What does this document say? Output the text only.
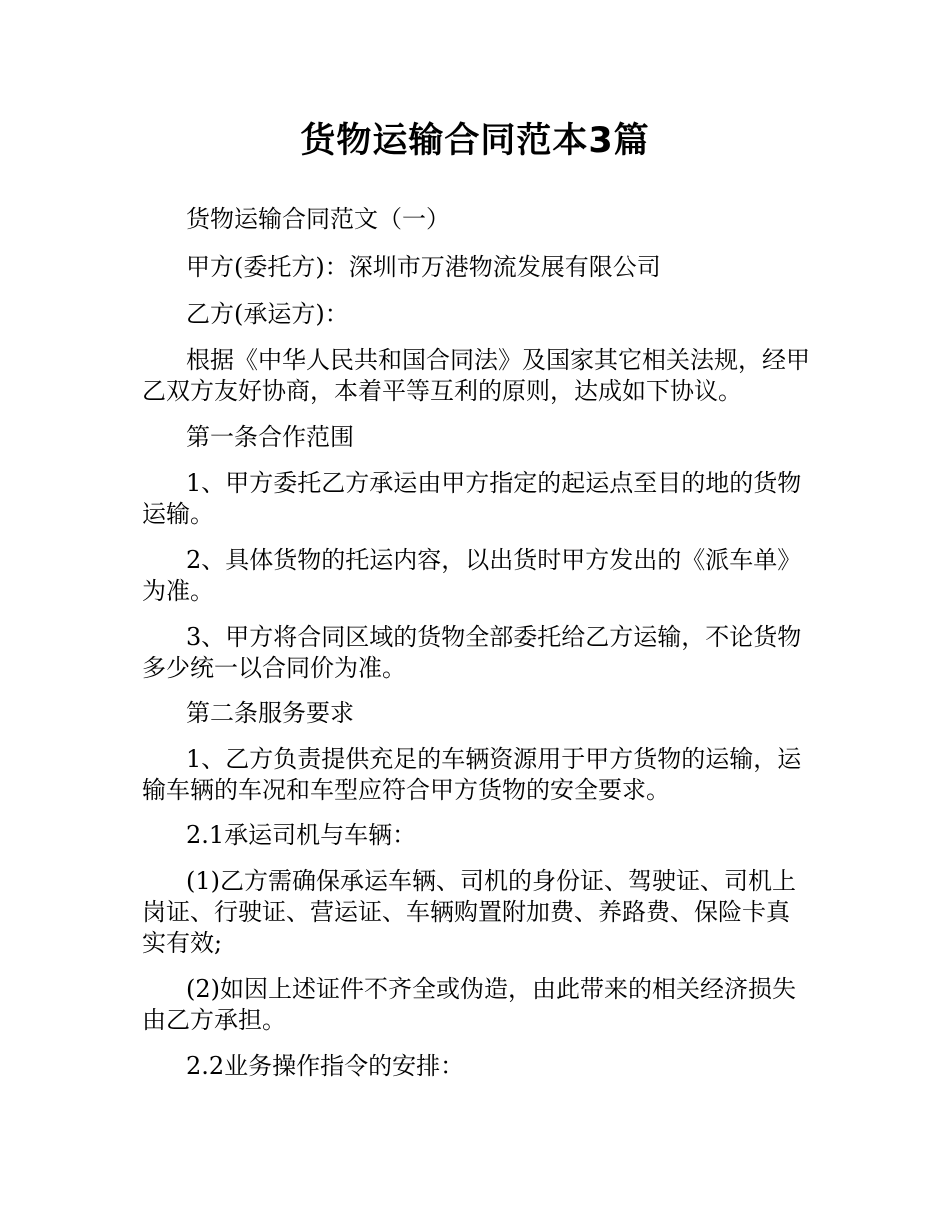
货物运输合同范本3篇

货物运输合同范文（一）

甲方(委托方)：深圳市万港物流发展有限公司

乙方(承运方)：

根据《中华人民共和国合同法》及国家其它相关法规，经甲乙双方友好协商，本着平等互利的原则，达成如下协议。

第一条合作范围

1、甲方委托乙方承运由甲方指定的起运点至目的地的货物运输。

2、具体货物的托运内容，以出货时甲方发出的《派车单》为准。

3、甲方将合同区域的货物全部委托给乙方运输，不论货物多少统一以合同价为准。

第二条服务要求

1、乙方负责提供充足的车辆资源用于甲方货物的运输，运输车辆的车况和车型应符合甲方货物的安全要求。

2.1承运司机与车辆：

(1)乙方需确保承运车辆、司机的身份证、驾驶证、司机上岗证、行驶证、营运证、车辆购置附加费、养路费、保险卡真实有效;

(2)如因上述证件不齐全或伪造，由此带来的相关经济损失由乙方承担。

2.2业务操作指令的安排：
